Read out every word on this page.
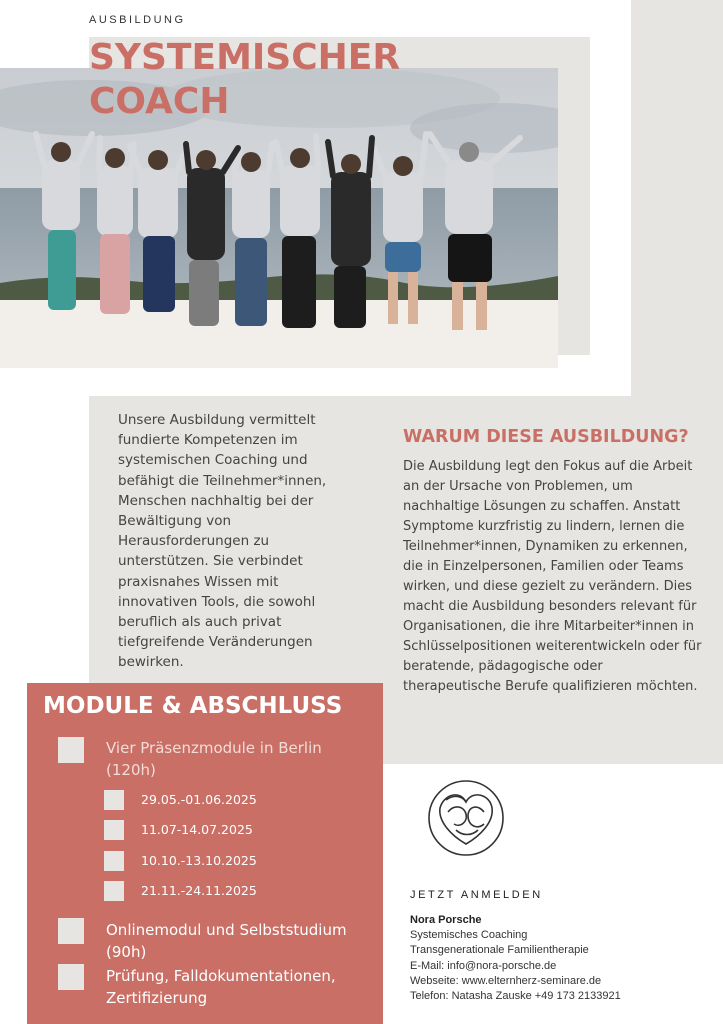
AUSBILDUNG
SYSTEMISCHER
COACH

Unsere Ausbildung vermittelt fundierte Kompetenzen im systemischen Coaching und befähigt die Teilnehmer*innen, Menschen nachhaltig bei der Bewältigung von Herausforderungen zu unterstützen. Sie verbindet praxisnahes Wissen mit innovativen Tools, die sowohl beruflich als auch privat tiefgreifende Veränderungen bewirken.

WARUM DIESE AUSBILDUNG?

Die Ausbildung legt den Fokus auf die Arbeit an der Ursache von Problemen, um nachhaltige Lösungen zu schaffen. Anstatt Symptome kurzfristig zu lindern, lernen die Teilnehmer*innen, Dynamiken zu erkennen, die in Einzelpersonen, Familien oder Teams wirken, und diese gezielt zu verändern. Dies macht die Ausbildung besonders relevant für Organisationen, die ihre Mitarbeiter*innen in Schlüsselpositionen weiterentwickeln oder für beratende, pädagogische oder therapeutische Berufe qualifizieren möchten.

MODULE & ABSCHLUSS
Vier Präsenzmodule in Berlin (120h)
29.05.-01.06.2025
11.07-14.07.2025
10.10.-13.10.2025
21.11.-24.11.2025
Onlinemodul und Selbststudium (90h)
Prüfung, Falldokumentationen, Zertifizierung
JETZT ANMELDEN
Nora Porsche
Systemisches Coaching
Transgenerationale Familientherapie
E-Mail: info@nora-porsche.de
Webseite: www.elternherz-seminare.de
Telefon: Natasha Zauske +49 173 2133921
